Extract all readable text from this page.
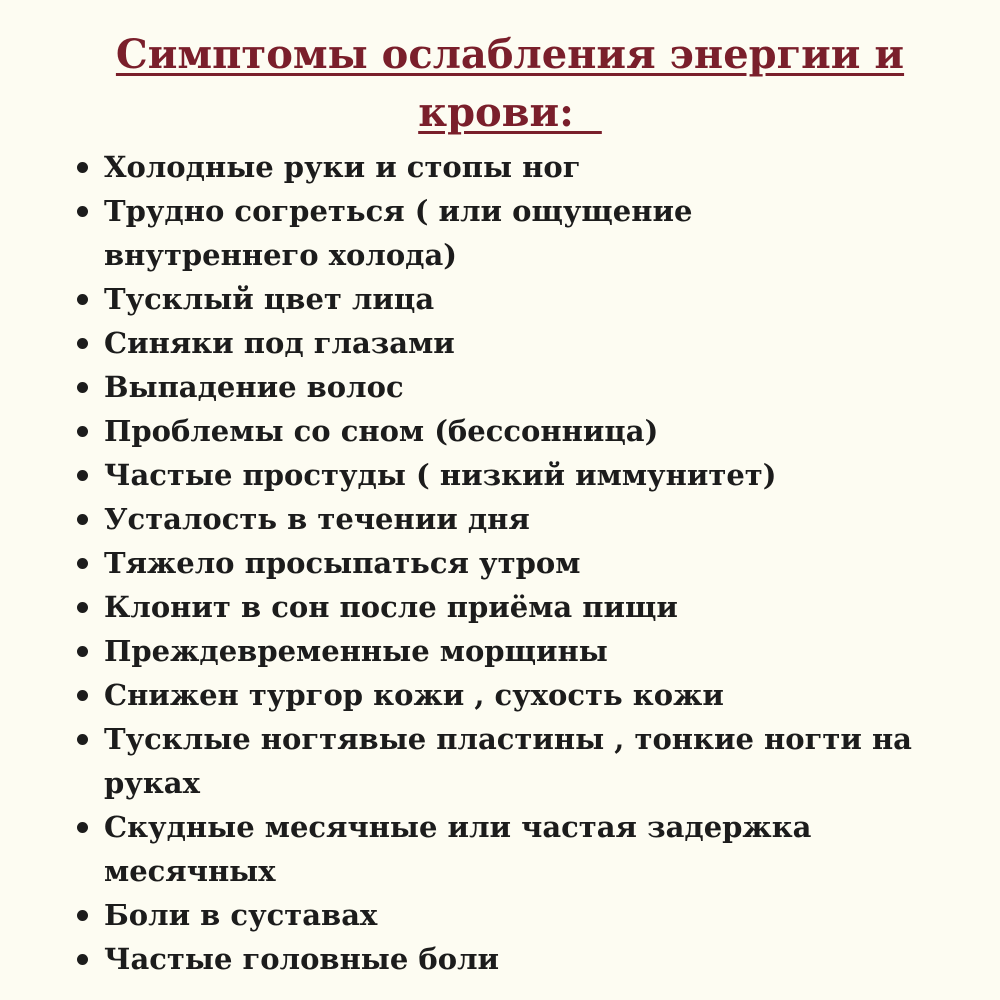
Симптомы ослабления энергии и
крови:
Холодные руки и стопы ног
Трудно согреться ( или ощущение внутреннего холода)
Тусклый цвет лица
Синяки под глазами
Выпадение волос
Проблемы со сном (бессонница)
Частые простуды ( низкий иммунитет)
Усталость в течении дня
Тяжело просыпаться утром
Клонит в сон после приёма пищи
Преждевременные морщины
Снижен тургор кожи , сухость кожи
Тусклые ногтявые пластины , тонкие ногти на руках
Скудные месячные или частая задержка месячных
Боли в суставах
Частые головные боли
